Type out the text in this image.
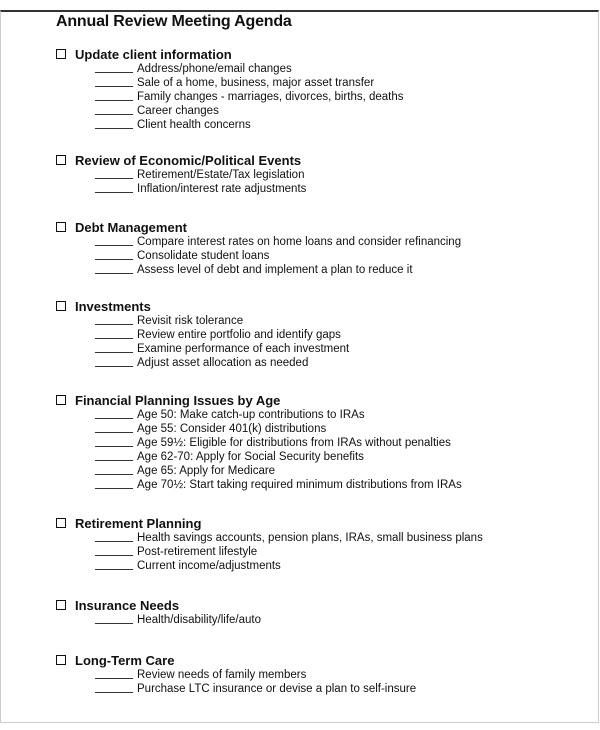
Annual Review Meeting Agenda
Update client information
Address/phone/email changes
Sale of a home, business, major asset transfer
Family changes - marriages, divorces, births, deaths
Career changes
Client health concerns
Review of Economic/Political Events
Retirement/Estate/Tax legislation
Inflation/interest rate adjustments
Debt Management
Compare interest rates on home loans and consider refinancing
Consolidate student loans
Assess level of debt and implement a plan to reduce it
Investments
Revisit risk tolerance
Review entire portfolio and identify gaps
Examine performance of each investment
Adjust asset allocation as needed
Financial Planning Issues by Age
Age 50: Make catch-up contributions to IRAs
Age 55: Consider 401(k) distributions
Age 59½: Eligible for distributions from IRAs without penalties
Age 62-70: Apply for Social Security benefits
Age 65: Apply for Medicare
Age 70½: Start taking required minimum distributions from IRAs
Retirement Planning
Health savings accounts, pension plans, IRAs, small business plans
Post-retirement lifestyle
Current income/adjustments
Insurance Needs
Health/disability/life/auto
Long-Term Care
Review needs of family members
Purchase LTC insurance or devise a plan to self-insure
